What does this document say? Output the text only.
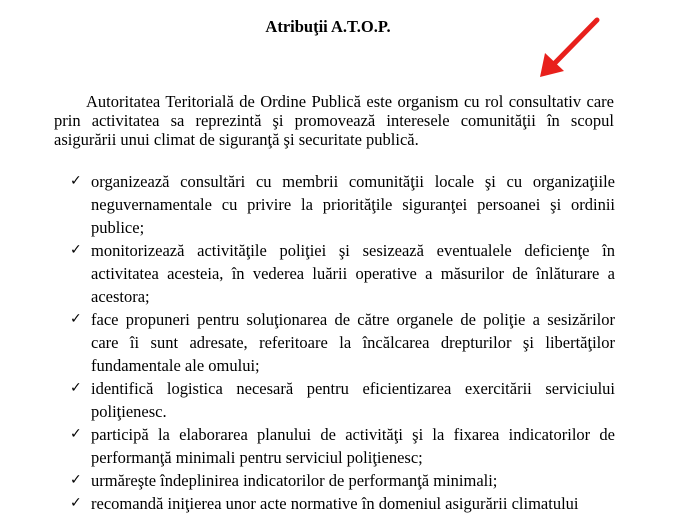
Atribuţii A.T.O.P.

Autoritatea Teritorială de Ordine Publică este organism cu rol consultativ care prin activitatea sa reprezintă şi promovează interesele comunităţii în scopul asigurării unui climat de siguranţă şi securitate publică.

✓ organizează consultări cu membrii comunităţii locale şi cu organizaţiile neguvernamentale cu privire la priorităţile siguranţei persoanei şi ordinii publice;
✓ monitorizează activităţile poliţiei şi sesizează eventualele deficienţe în activitatea acesteia, în vederea luării operative a măsurilor de înlăturare a acestora;
✓ face propuneri pentru soluţionarea de către organele de poliţie a sesizărilor care îi sunt adresate, referitoare la încălcarea drepturilor şi libertăţilor fundamentale ale omului;
✓ identifică logistica necesară pentru eficientizarea exercitării serviciului poliţienesc.
✓ participă la elaborarea planului de activităţi şi la fixarea indicatorilor de performanţă minimali pentru serviciul poliţienesc;
✓ urmăreşte îndeplinirea indicatorilor de performanţă minimali;
✓ recomandă iniţierea unor acte normative în domeniul asigurării climatului
